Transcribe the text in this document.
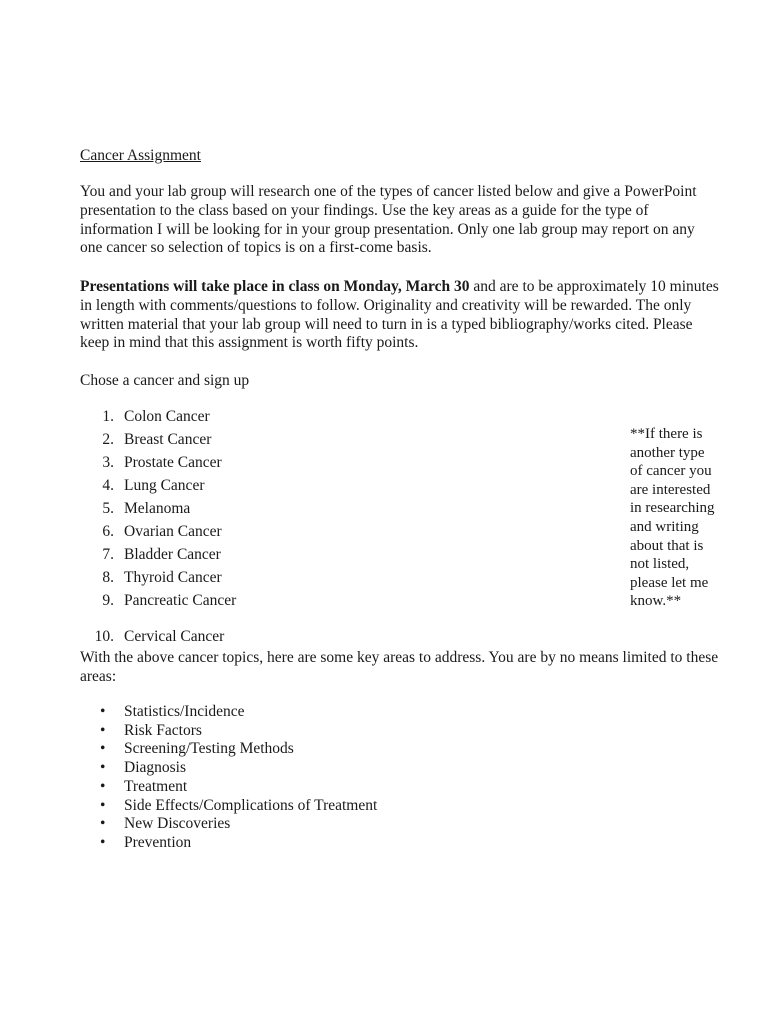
Cancer Assignment

You and your lab group will research one of the types of cancer listed below and give a PowerPoint presentation to the class based on your findings. Use the key areas as a guide for the type of information I will be looking for in your group presentation. Only one lab group may report on any one cancer so selection of topics is on a first-come basis.

Presentations will take place in class on Monday, March 30 and are to be approximately 10 minutes in length with comments/questions to follow. Originality and creativity will be rewarded. The only written material that your lab group will need to turn in is a typed bibliography/works cited. Please keep in mind that this assignment is worth fifty points.

Chose a cancer and sign up

1. Colon Cancer
2. Breast Cancer
3. Prostate Cancer
4. Lung Cancer
5. Melanoma
6. Ovarian Cancer
7. Bladder Cancer
8. Thyroid Cancer
9. Pancreatic Cancer
10. Cervical Cancer

**If there is another type of cancer you are interested in researching and writing about that is not listed, please let me know.**

With the above cancer topics, here are some key areas to address. You are by no means limited to these areas:

• Statistics/Incidence
• Risk Factors
• Screening/Testing Methods
• Diagnosis
• Treatment
• Side Effects/Complications of Treatment
• New Discoveries
• Prevention
